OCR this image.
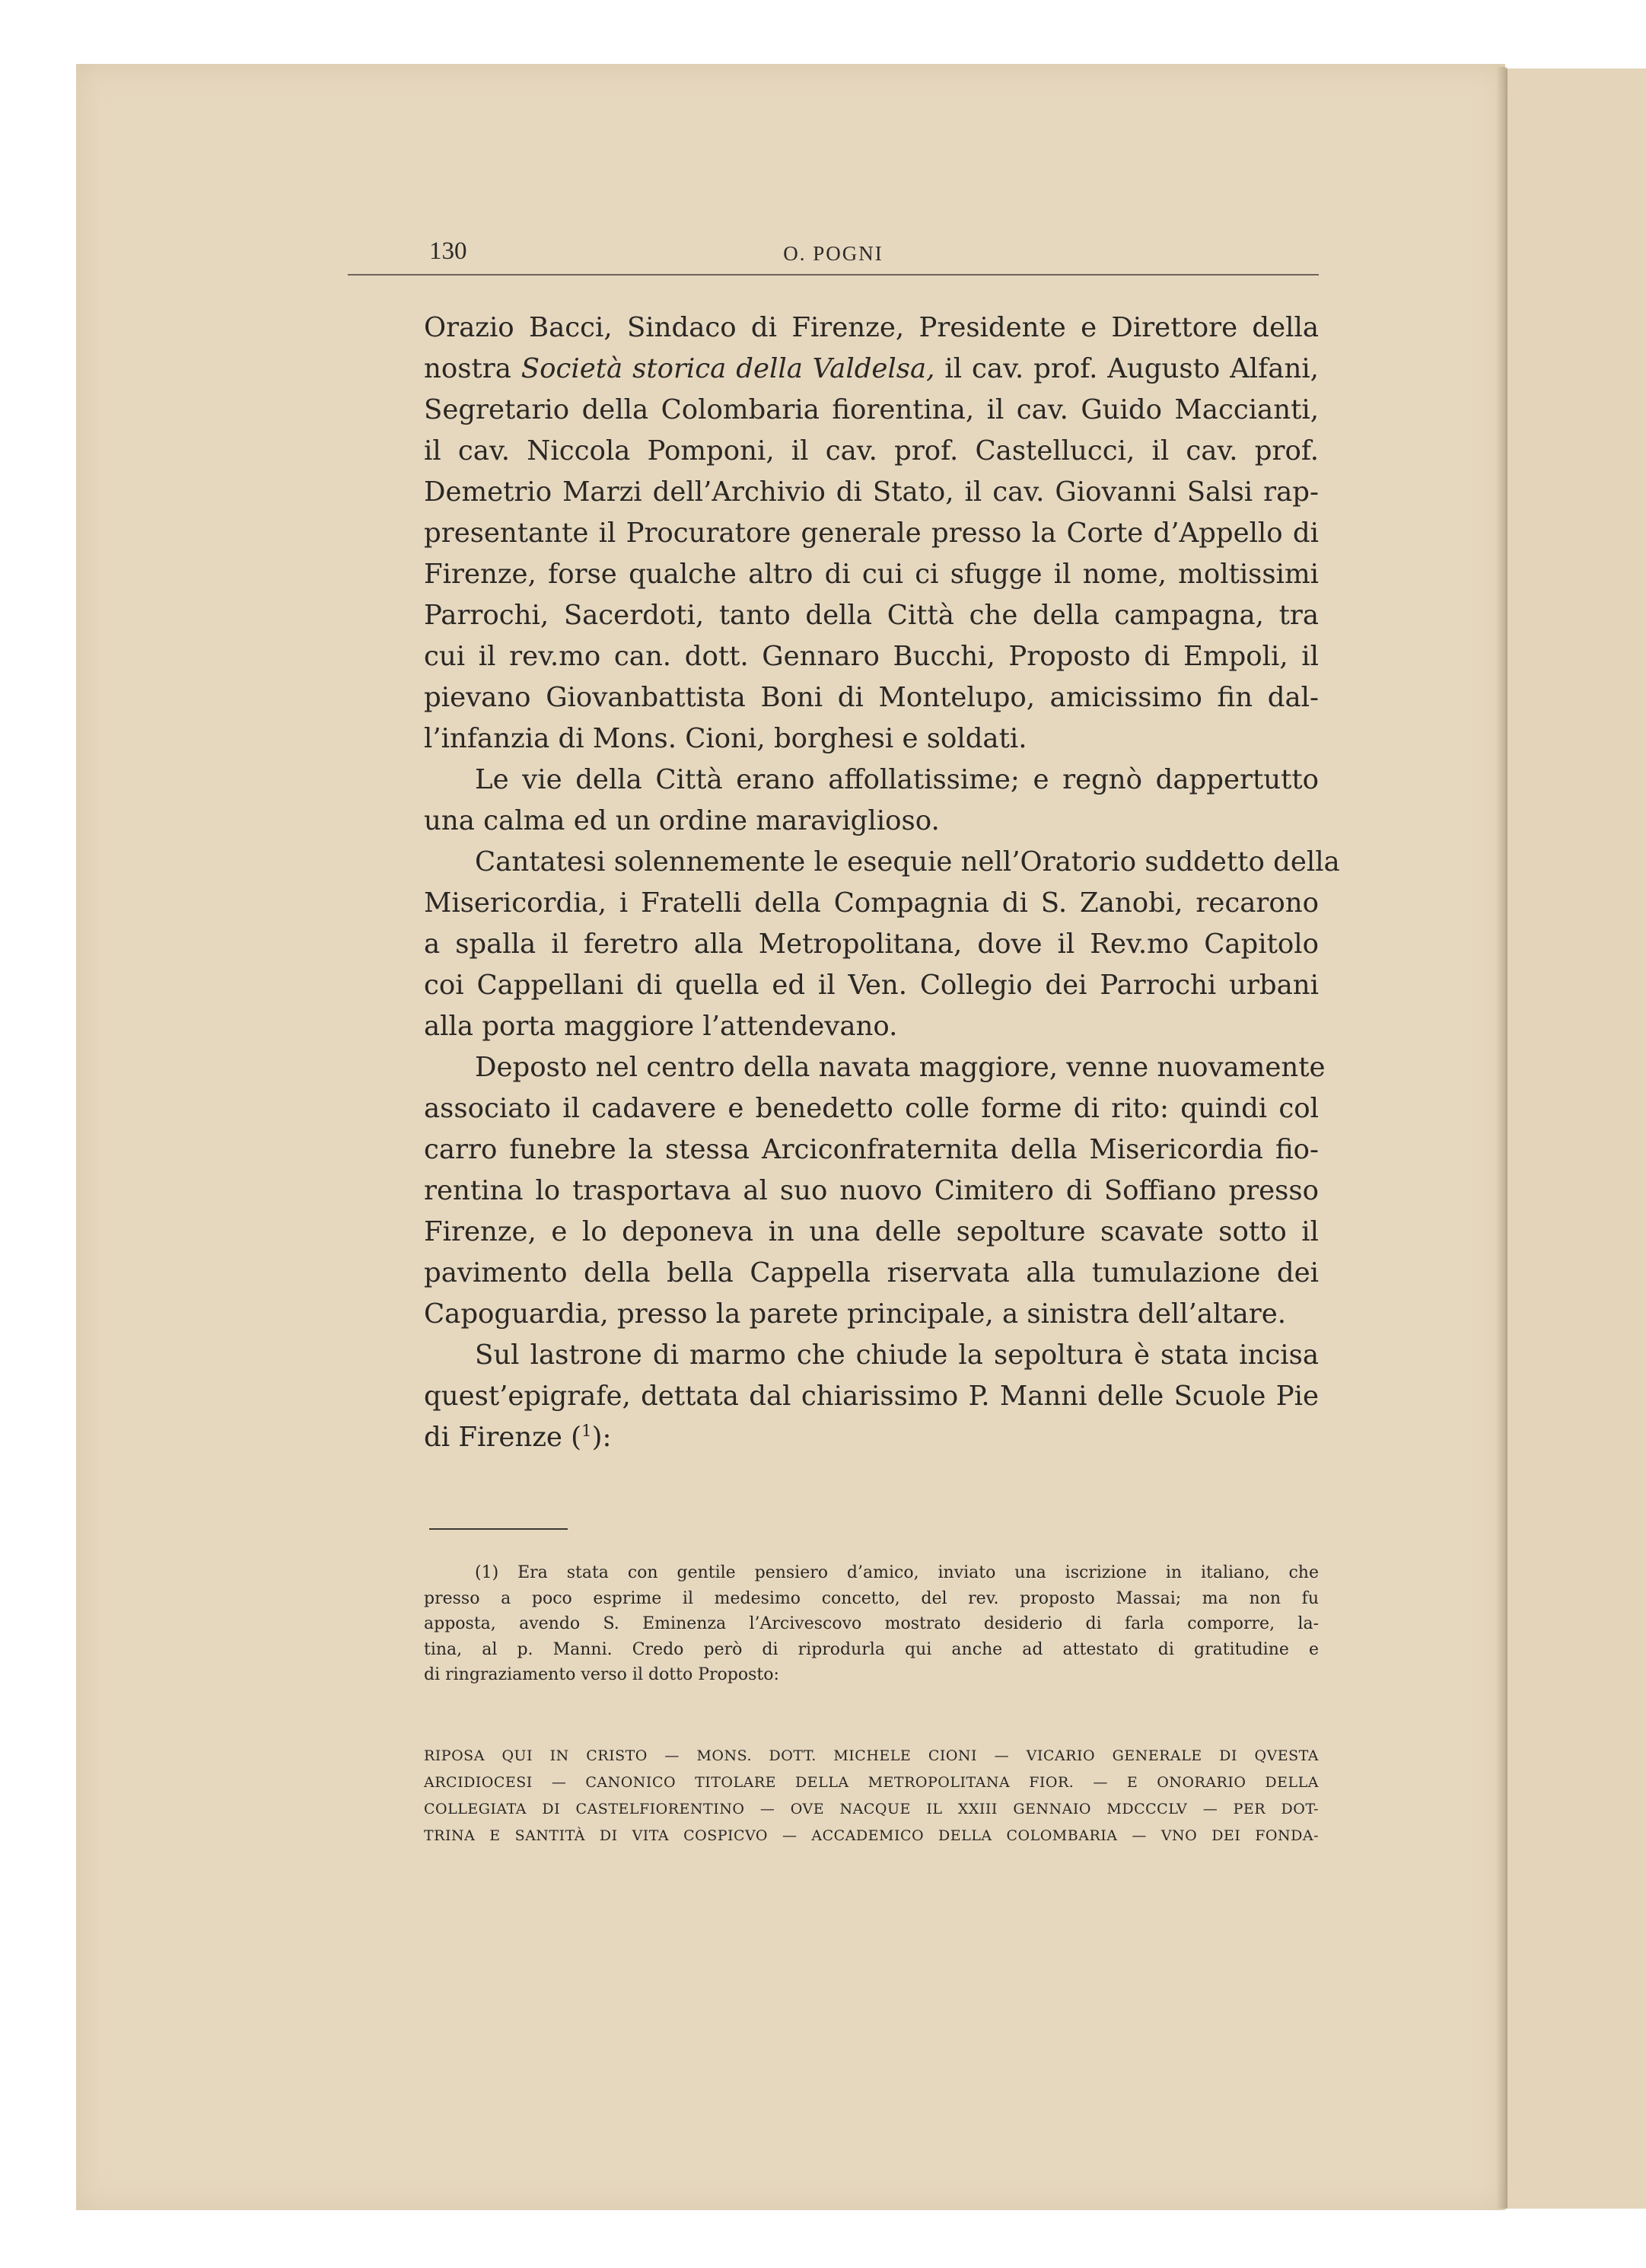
130	O. POGNI

Orazio Bacci, Sindaco di Firenze, Presidente e Direttore della
nostra Società storica della Valdelsa, il cav. prof. Augusto Alfani,
Segretario della Colombaria fiorentina, il cav. Guido Maccianti,
il cav. Niccola Pomponi, il cav. prof. Castellucci, il cav. prof.
Demetrio Marzi dell’Archivio di Stato, il cav. Giovanni Salsi rap-
presentante il Procuratore generale presso la Corte d’Appello di
Firenze, forse qualche altro di cui ci sfugge il nome, moltissimi
Parrochi, Sacerdoti, tanto della Città che della campagna, tra
cui il rev.mo can. dott. Gennaro Bucchi, Proposto di Empoli, il
pievano Giovanbattista Boni di Montelupo, amicissimo fin dal-
l’infanzia di Mons. Cioni, borghesi e soldati.

Le vie della Città erano affollatissime; e regnò dappertutto
una calma ed un ordine maraviglioso.

Cantatesi solennemente le esequie nell’Oratorio suddetto della
Misericordia, i Fratelli della Compagnia di S. Zanobi, recarono
a spalla il feretro alla Metropolitana, dove il Rev.mo Capitolo
coi Cappellani di quella ed il Ven. Collegio dei Parrochi urbani
alla porta maggiore l’attendevano.

Deposto nel centro della navata maggiore, venne nuovamente
associato il cadavere e benedetto colle forme di rito: quindi col
carro funebre la stessa Arciconfraternita della Misericordia fio-
rentina lo trasportava al suo nuovo Cimitero di Soffiano presso
Firenze, e lo deponeva in una delle sepolture scavate sotto il
pavimento della bella Cappella riservata alla tumulazione dei
Capoguardia, presso la parete principale, a sinistra dell’altare.

Sul lastrone di marmo che chiude la sepoltura è stata incisa
quest’epigrafe, dettata dal chiarissimo P. Manni delle Scuole Pie
di Firenze ($^1$):

(1) Era stata con gentile pensiero d’amico, inviato una iscrizione in italiano, che
presso a poco esprime il medesimo concetto, del rev. proposto Massai; ma non fu
apposta, avendo S. Eminenza l’Arcivescovo mostrato desiderio di farla comporre, la-
tina, al p. Manni. Credo però di riprodurla qui anche ad attestato di gratitudine e
di ringraziamento verso il dotto Proposto:
RIPOSA QUI IN CRISTO — MONS. DOTT. MICHELE CIONI — VICARIO GENERALE DI QVESTA
ARCIDIOCESI — CANONICO TITOLARE DELLA METROPOLITANA FIOR. — E ONORARIO DELLA
COLLEGIATA DI CASTELFIORENTINO — OVE NACQUE IL XXIII GENNAIO MDCCCLV — PER DOT-
TRINA E SANTITÀ DI VITA COSPICVO — ACCADEMICO DELLA COLOMBARIA — VNO DEI FONDA-
